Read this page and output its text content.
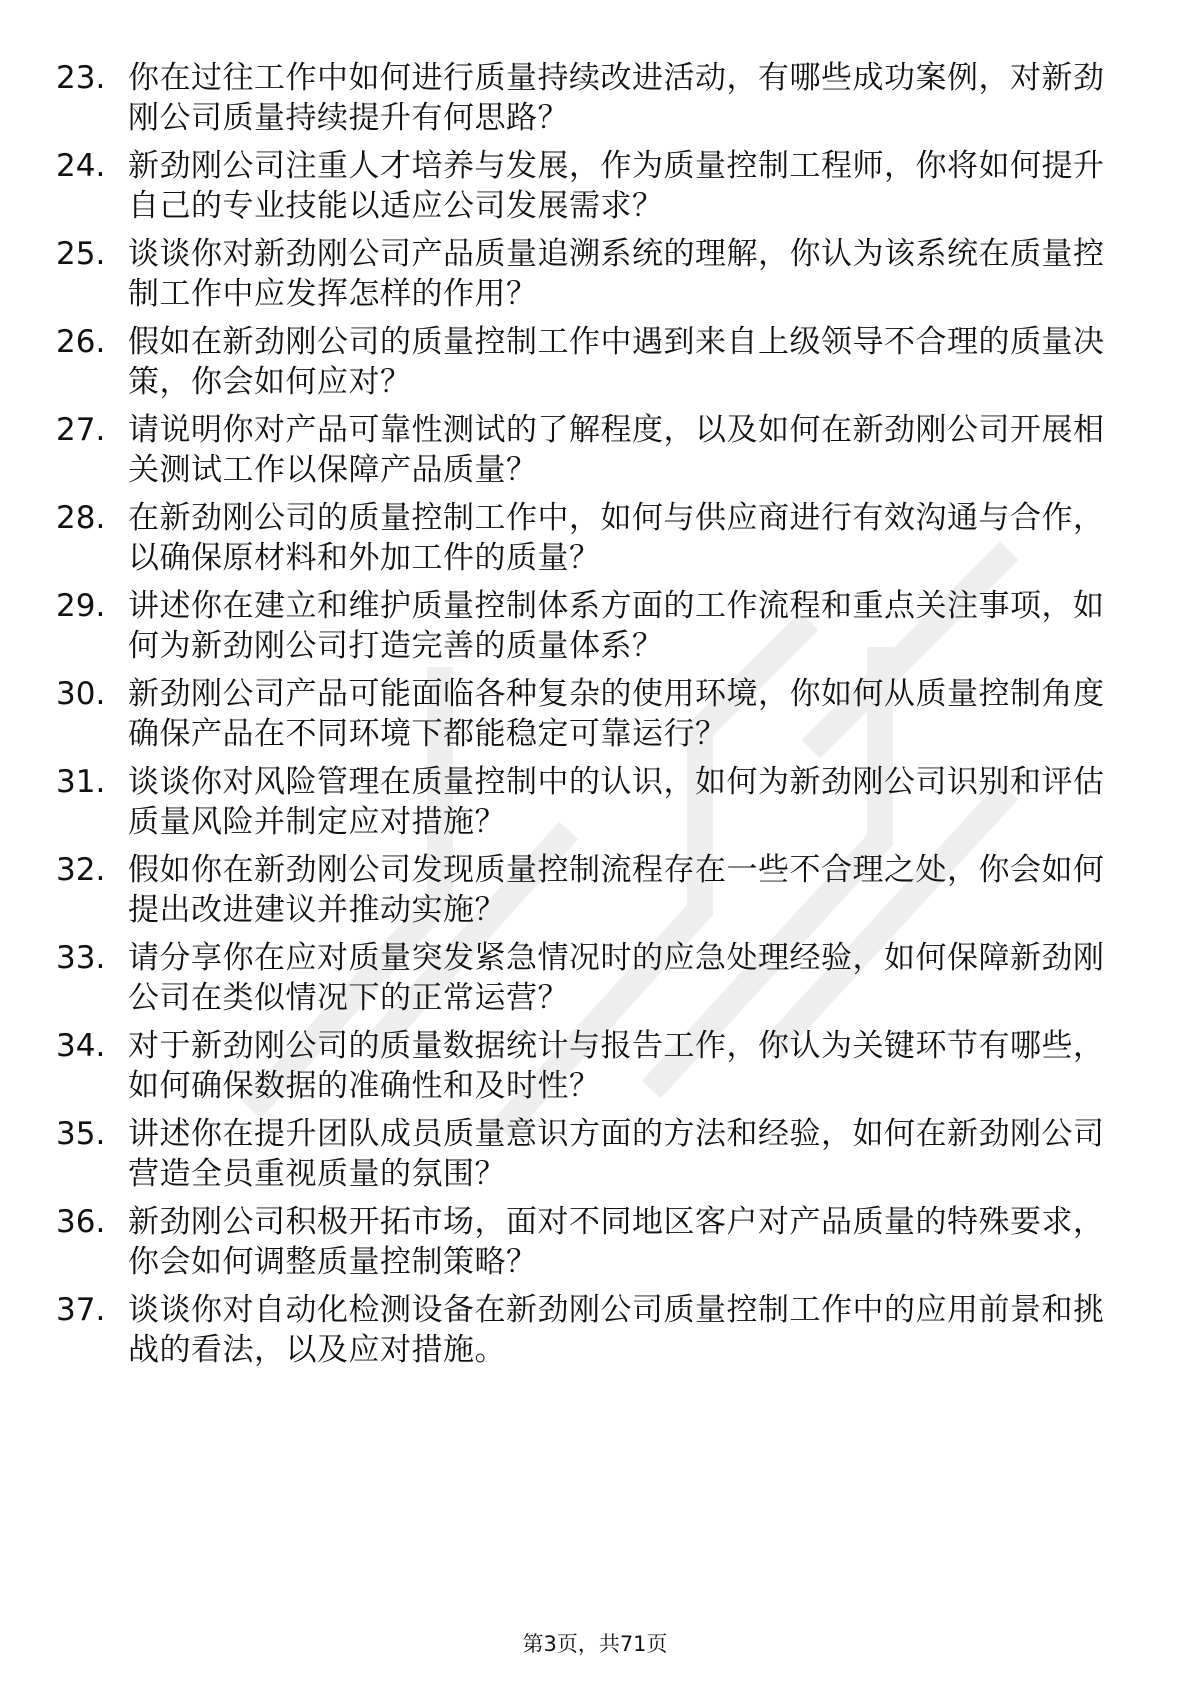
23. 你在过往工作中如何进行质量持续改进活动，有哪些成功案例，对新劲刚公司质量持续提升有何思路？
24. 新劲刚公司注重人才培养与发展，作为质量控制工程师，你将如何提升自己的专业技能以适应公司发展需求？
25. 谈谈你对新劲刚公司产品质量追溯系统的理解，你认为该系统在质量控制工作中应发挥怎样的作用？
26. 假如在新劲刚公司的质量控制工作中遇到来自上级领导不合理的质量决策，你会如何应对？
27. 请说明你对产品可靠性测试的了解程度，以及如何在新劲刚公司开展相关测试工作以保障产品质量？
28. 在新劲刚公司的质量控制工作中，如何与供应商进行有效沟通与合作，以确保原材料和外加工件的质量？
29. 讲述你在建立和维护质量控制体系方面的工作流程和重点关注事项，如何为新劲刚公司打造完善的质量体系？
30. 新劲刚公司产品可能面临各种复杂的使用环境，你如何从质量控制角度确保产品在不同环境下都能稳定可靠运行？
31. 谈谈你对风险管理在质量控制中的认识，如何为新劲刚公司识别和评估质量风险并制定应对措施？
32. 假如你在新劲刚公司发现质量控制流程存在一些不合理之处，你会如何提出改进建议并推动实施？
33. 请分享你在应对质量突发紧急情况时的应急处理经验，如何保障新劲刚公司在类似情况下的正常运营？
34. 对于新劲刚公司的质量数据统计与报告工作，你认为关键环节有哪些，如何确保数据的准确性和及时性？
35. 讲述你在提升团队成员质量意识方面的方法和经验，如何在新劲刚公司营造全员重视质量的氛围？
36. 新劲刚公司积极开拓市场，面对不同地区客户对产品质量的特殊要求，你会如何调整质量控制策略？
37. 谈谈你对自动化检测设备在新劲刚公司质量控制工作中的应用前景和挑战的看法，以及应对措施。
第3页，共71页
